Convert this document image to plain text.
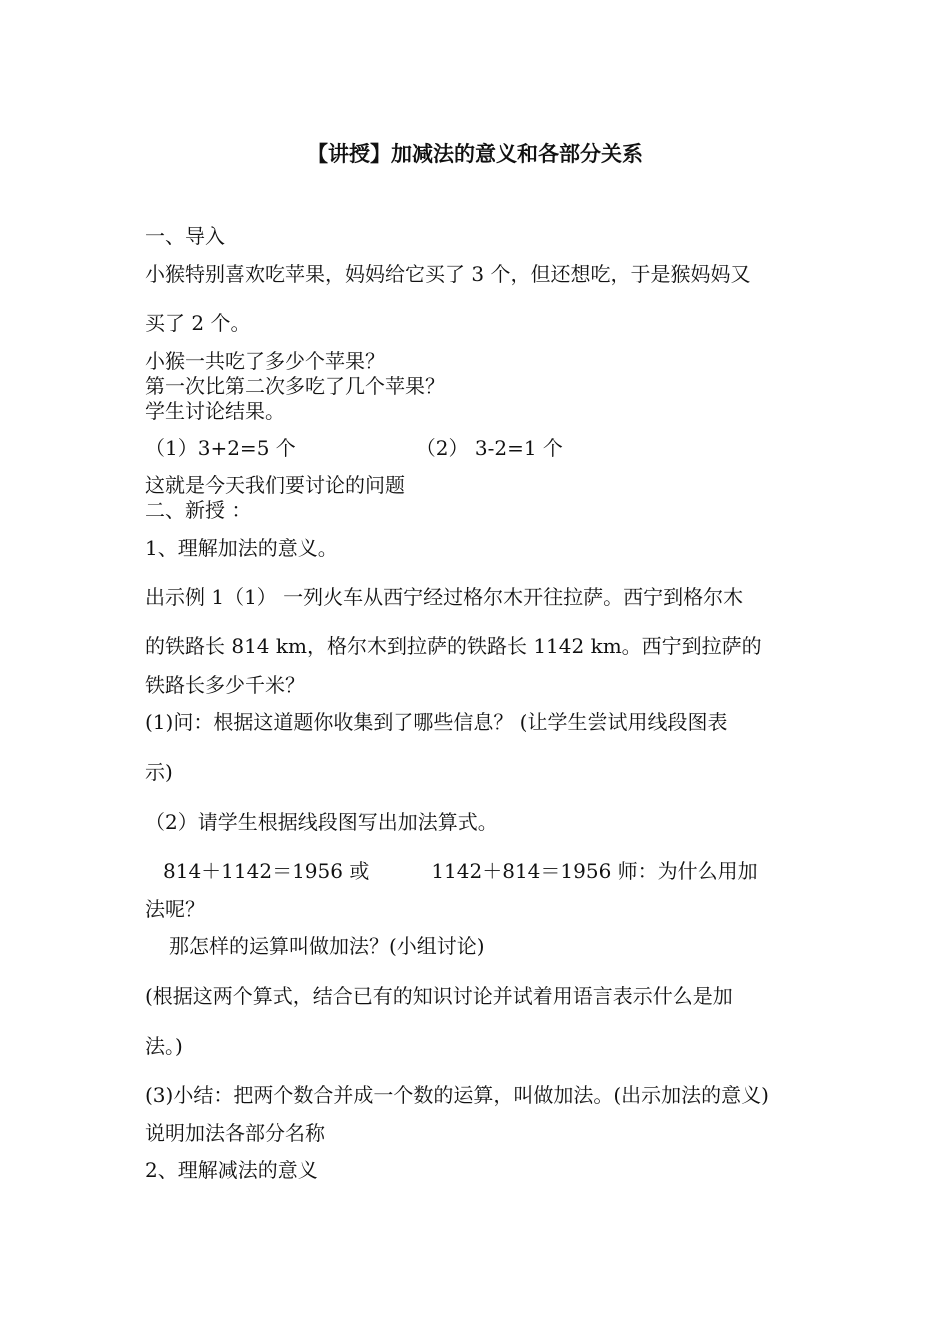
【讲授】加减法的意义和各部分关系
一、导入
小猴特别喜欢吃苹果，妈妈给它买了 3 个，但还想吃，于是猴妈妈又
买了 2 个。
小猴一共吃了多少个苹果？
第一次比第二次多吃了几个苹果？
学生讨论结果。
（1）3+2=5 个	（2） 3-2=1 个
这就是今天我们要讨论的问题
二、新授 ：
1、理解加法的意义。
出示例 1（1） 一列火车从西宁经过格尔木开往拉萨。西宁到格尔木
的铁路长 814 km，格尔木到拉萨的铁路长 1142 km。西宁到拉萨的
铁路长多少千米？
(1)问：根据这道题你收集到了哪些信息？ (让学生尝试用线段图表
示)
（2）请学生根据线段图写出加法算式。
814＋1142＝1956 或	1142＋814＝1956 师：为什么用加
法呢？
那怎样的运算叫做加法？(小组讨论)
(根据这两个算式，结合已有的知识讨论并试着用语言表示什么是加
法。)
(3)小结：把两个数合并成一个数的运算，叫做加法。(出示加法的意义)
说明加法各部分名称
2、理解减法的意义
